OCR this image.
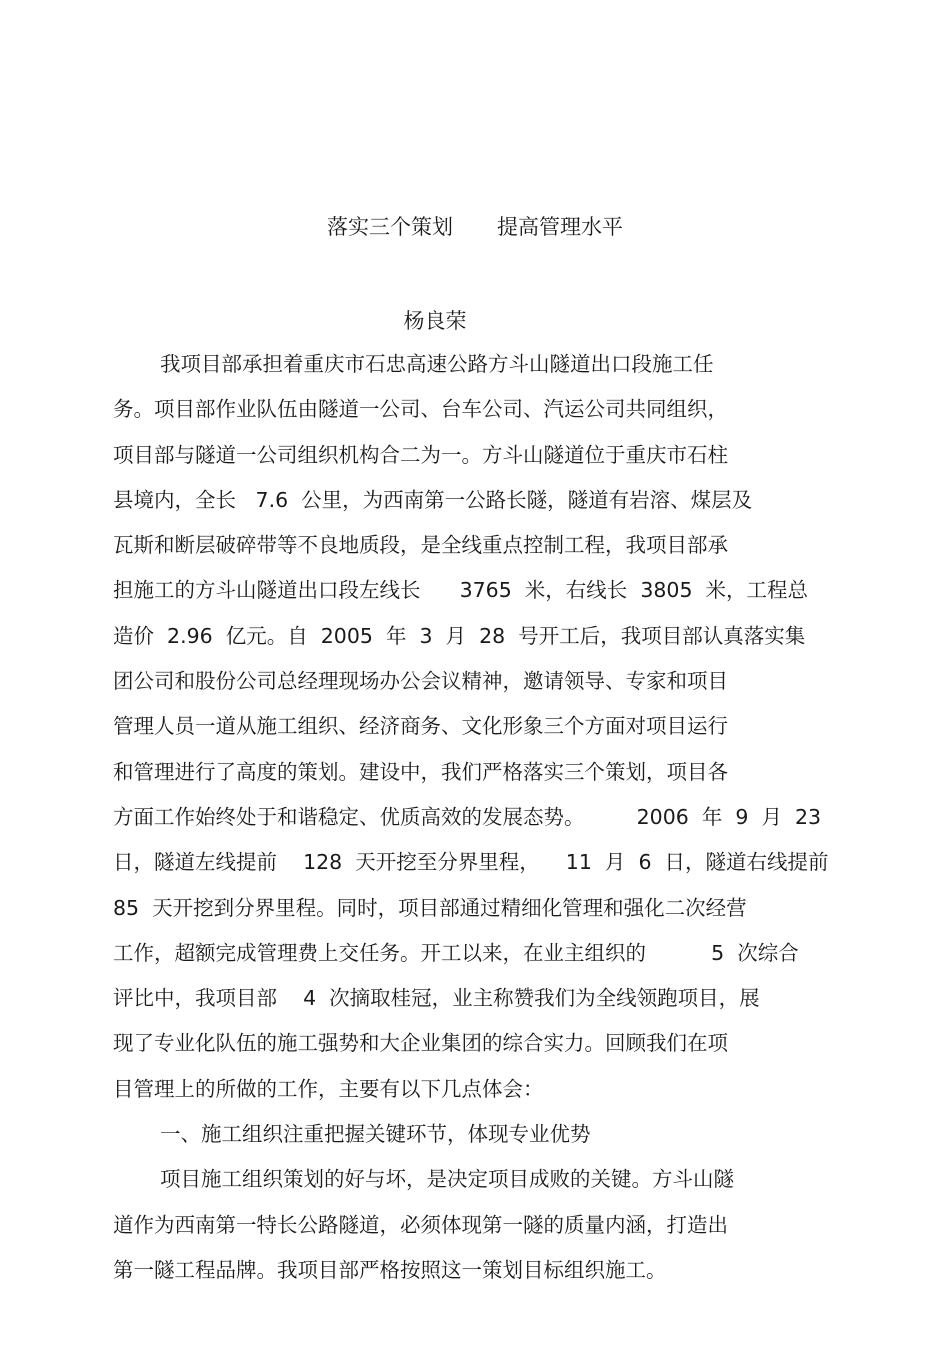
落实三个策划 提高管理水平
杨良荣
我项目部承担着重庆市石忠高速公路方斗山隧道出口段施工任
务。项目部作业队伍由隧道一公司、台车公司、汽运公司共同组织，
项目部与隧道一公司组织机构合二为一。方斗山隧道位于重庆市石柱
县境内，全长   7.6  公里，为西南第一公路长隧，隧道有岩溶、煤层及
瓦斯和断层破碎带等不良地质段，是全线重点控制工程，我项目部承
担施工的方斗山隧道出口段左线长      3765  米，右线长  3805  米，工程总
造价  2.96  亿元。自  2005  年  3  月  28  号开工后，我项目部认真落实集
团公司和股份公司总经理现场办公会议精神，邀请领导、专家和项目
管理人员一道从施工组织、经济商务、文化形象三个方面对项目运行
和管理进行了高度的策划。建设中，我们严格落实三个策划，项目各
方面工作始终处于和谐稳定、优质高效的发展态势。        2006  年  9  月  23
日，隧道左线提前    128  天开挖至分界里程，    11  月  6  日，隧道右线提前
85  天开挖到分界里程。同时，项目部通过精细化管理和强化二次经营
工作，超额完成管理费上交任务。开工以来，在业主组织的          5  次综合
评比中，我项目部    4  次摘取桂冠，业主称赞我们为全线领跑项目，展
现了专业化队伍的施工强势和大企业集团的综合实力。回顾我们在项
目管理上的所做的工作，主要有以下几点体会：
一、施工组织注重把握关键环节，体现专业优势
项目施工组织策划的好与坏，是决定项目成败的关键。方斗山隧
道作为西南第一特长公路隧道，必须体现第一隧的质量内涵，打造出
第一隧工程品牌。我项目部严格按照这一策划目标组织施工。
